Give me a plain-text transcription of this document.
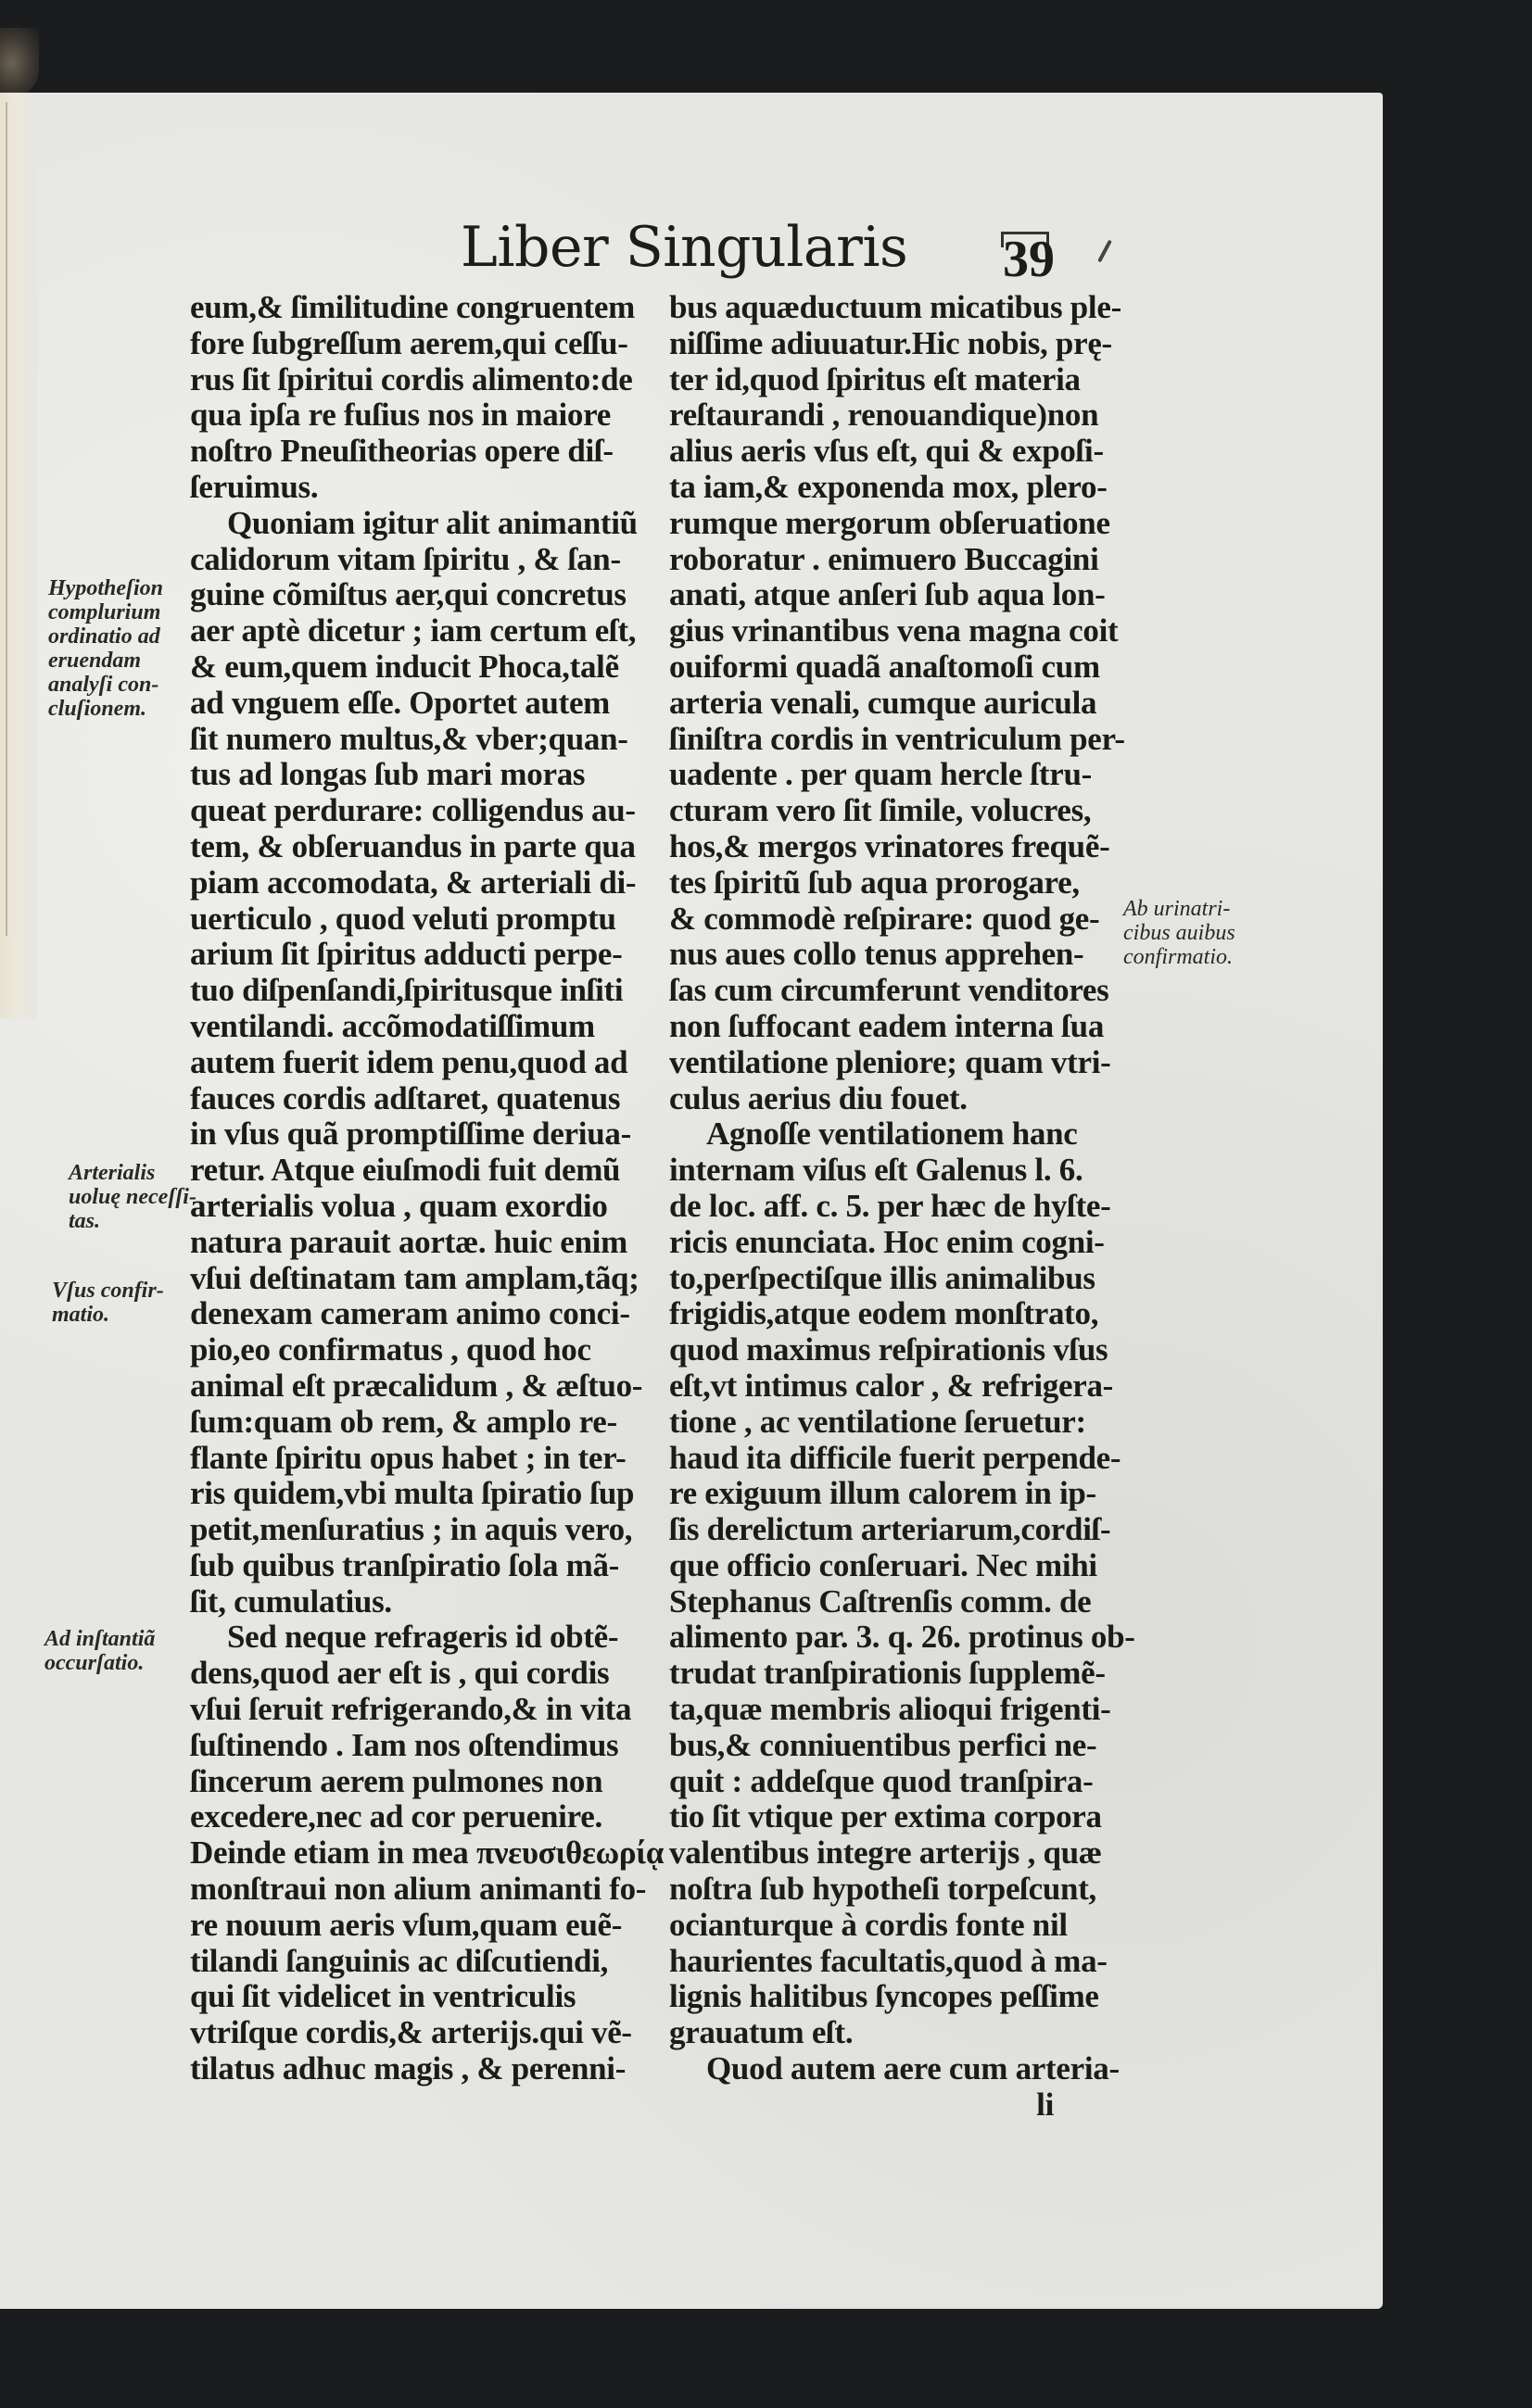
Liber Singularis 39
eum,& ſimilitudine congruentem
fore ſubgreſſum aerem,qui ceſſu-
rus ſit ſpiritui cordis alimento:de
qua ipſa re fuſius nos in maiore
noſtro Pneuſitheorias opere diſ-
ſeruimus.
Quoniam igitur alit animantiũ
calidorum vitam ſpiritu , & ſan-
guine cõmiſtus aer,qui concretus
aer aptè dicetur ; iam certum eſt,
& eum,quem inducit Phoca,talẽ
ad vnguem eſſe. Oportet autem
ſit numero multus,& vber;quan-
tus ad longas ſub mari moras
queat perdurare: colligendus au-
tem, & obſeruandus in parte qua
piam accomodata, & arteriali di-
uerticulo , quod veluti promptu
arium ſit ſpiritus adducti perpe-
tuo diſpenſandi,ſpiritusque inſiti
ventilandi. accõmodatiſſimum
autem fuerit idem penu,quod ad
fauces cordis adſtaret, quatenus
in vſus quã promptiſſime deriua-
retur. Atque eiuſmodi fuit demũ
arterialis volua , quam exordio
natura parauit aortæ. huic enim
vſui deſtinatam tam amplam,tãq;
denexam cameram animo conci-
pio,eo confirmatus , quod hoc
animal eſt præcalidum , & æſtuo-
ſum:quam ob rem, & amplo re-
flante ſpiritu opus habet ; in ter-
ris quidem,vbi multa ſpiratio ſup
petit,menſuratius ; in aquis vero,
ſub quibus tranſpiratio ſola mã-
ſit, cumulatius.
Sed neque refrageris id obtẽ-
dens,quod aer eſt is , qui cordis
vſui ſeruit refrigerando,& in vita
ſuſtinendo . Iam nos oſtendimus
ſincerum aerem pulmones non
excedere,nec ad cor peruenire.
Deinde etiam in mea πνευσιθεωρίᾳ
monſtraui non alium animanti fo-
re nouum aeris vſum,quam euẽ-
tilandi ſanguinis ac diſcutiendi,
qui ſit videlicet in ventriculis
vtriſque cordis,& arterijs.qui vẽ-
tilatus adhuc magis , & perenni-
bus aquæductuum micatibus ple-
niſſime adiuuatur.Hic nobis, prę-
ter id,quod ſpiritus eſt materia
reſtaurandi , renouandique)non
alius aeris vſus eſt, qui & expoſi-
ta iam,& exponenda mox, plero-
rumque mergorum obſeruatione
roboratur . enimuero Buccagini
anati, atque anſeri ſub aqua lon-
gius vrinantibus vena magna coit
ouiformi quadã anaſtomoſi cum
arteria venali, cumque auricula
ſiniſtra cordis in ventriculum per-
uadente . per quam hercle ſtru-
cturam vero ſit ſimile, volucres,
hos,& mergos vrinatores frequẽ-
tes ſpiritũ ſub aqua prorogare,
& commodè reſpirare: quod ge-
nus aues collo tenus apprehen-
ſas cum circumferunt venditores
non ſuffocant eadem interna ſua
ventilatione pleniore; quam vtri-
culus aerius diu fouet.
Agnoſſe ventilationem hanc
internam viſus eſt Galenus l. 6.
de loc. aff. c. 5. per hæc de hyſte-
ricis enunciata. Hoc enim cogni-
to,perſpectiſque illis animalibus
frigidis,atque eodem monſtrato,
quod maximus reſpirationis vſus
eſt,vt intimus calor , & refrigera-
tione , ac ventilatione ſeruetur:
haud ita difficile fuerit perpende-
re exiguum illum calorem in ip-
ſis derelictum arteriarum,cordiſ-
que officio conſeruari. Nec mihi
Stephanus Caſtrenſis comm. de
alimento par. 3. q. 26. protinus ob-
trudat tranſpirationis ſupplemẽ-
ta,quæ membris alioqui frigenti-
bus,& conniuentibus perfici ne-
quit : addeſque quod tranſpira-
tio ſit vtique per extima corpora
valentibus integre arterijs , quæ
noſtra ſub hypotheſi torpeſcunt,
ocianturque à cordis fonte nil
haurientes facultatis,quod à ma-
lignis halitibus ſyncopes peſſime
grauatum eſt.
Quod autem aere cum arteria-
li
Hypotheſion
complurium
ordinatio ad
eruendam
analyſi con-
cluſionem.
Arterialis
uoluę neceſſi-
tas.
Vſus confir-
matio.
Ad inſtantiã
occurſatio.
Ab urinatri-
cibus auibus
confirmatio.
